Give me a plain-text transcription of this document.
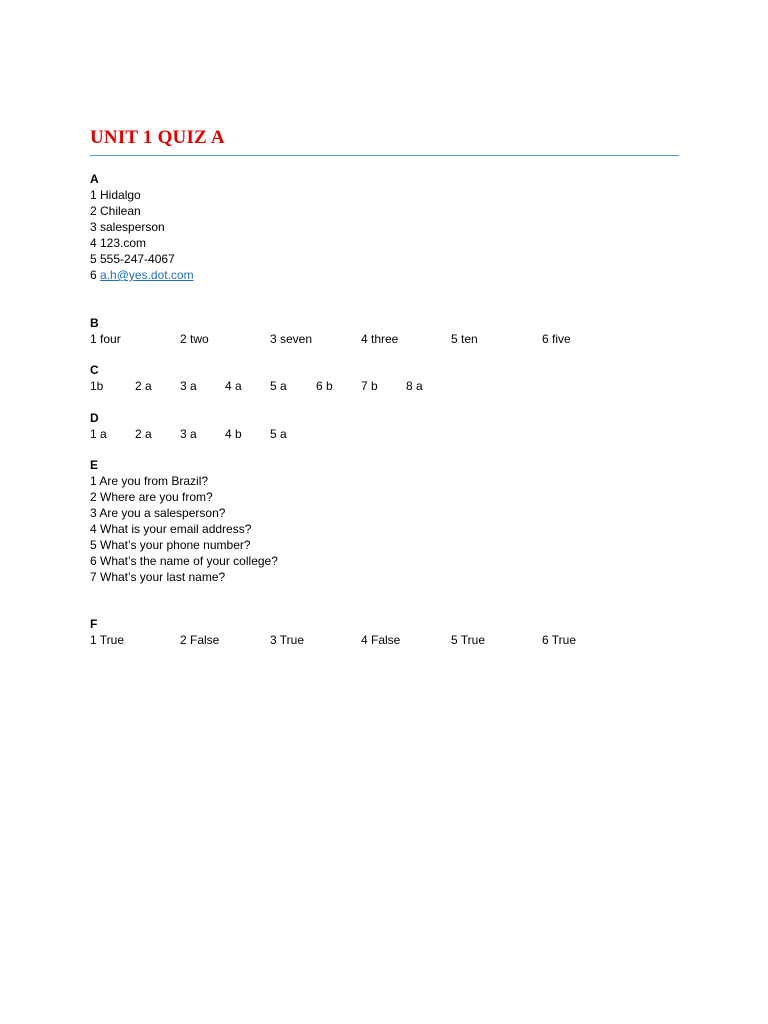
UNIT 1 QUIZ A
A
1 Hidalgo
2 Chilean
3 salesperson
4 123.com
5 555-247-4067
6 a.h@yes.dot.com
B
1 four	2 two	3 seven	4 three	5 ten	6 five
C
1b	2 a 3 a 4 a 5 a 6 b 7 b 8 a
D
1 a 2 a 3 a 4 b 5 a
E
1 Are you from Brazil?
2 Where are you from?
3 Are you a salesperson?
4 What is your email address?
5 What’s your phone number?
6 What’s the name of your college?
7 What’s your last name?
F
1 True	2 False	3 True	4 False	5 True	6 True
